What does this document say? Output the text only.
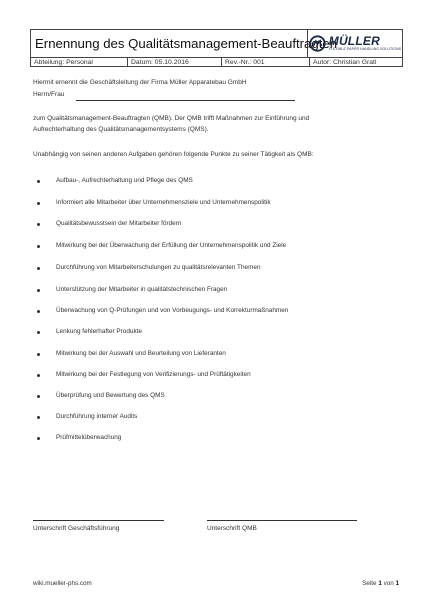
Ernennung des Qualitätsmanagement-Beauftragten
MÜLLER
FLEXIBLE PAPER HANDLING SOLUTIONS
Abteilung: Personal	Datum: 05.10.2016	Rev.-Nr.: 001	Autor: Christian Gratl
Hiermit ernennt die Geschäftsleitung der Firma Müller Apparatebau GmbH
Herrn/Frau
zum Qualitätsmanagement-Beauftragten (QMB). Der QMB trifft Maßnahmen zur Einführung und
Aufrechterhaltung des Qualitätsmanagementsystems (QMS).
Unabhängig von seinen anderen Aufgaben gehören folgende Punkte zu seiner Tätigkeit als QMB:
Aufbau-, Aufrechterhaltung und Pflege des QMS
Informiert alle Mitarbeiter über Unternehmensziele und Unternehmenspolitik
Qualitätsbewusstsein der Mitarbeiter fördern
Mitwirkung bei der Überwachung der Erfüllung der Unternehmenspolitik und Ziele
Durchführung von Mitarbeiterschulungen zu qualitätsrelevanten Themen
Unterstützung der Mitarbeiter in qualitätstechnischen Fragen
Überwachung von Q-Prüfungen und von Vorbeugungs- und Korrekturmaßnahmen
Lenkung fehlerhafter Produkte
Mitwirkung bei der Auswahl und Beurteilung von Lieferanten
Mitwirkung bei der Festlegung von Verifizierungs- und Prüftätigkeiten
Überprüfung und Bewertung des QMS
Durchführung interner Audits
Prüfmittelüberwachung
Unterschrift Geschäftsführung	Unterschrift QMB
wiki.mueller-phs.com	Seite 1 von 1
